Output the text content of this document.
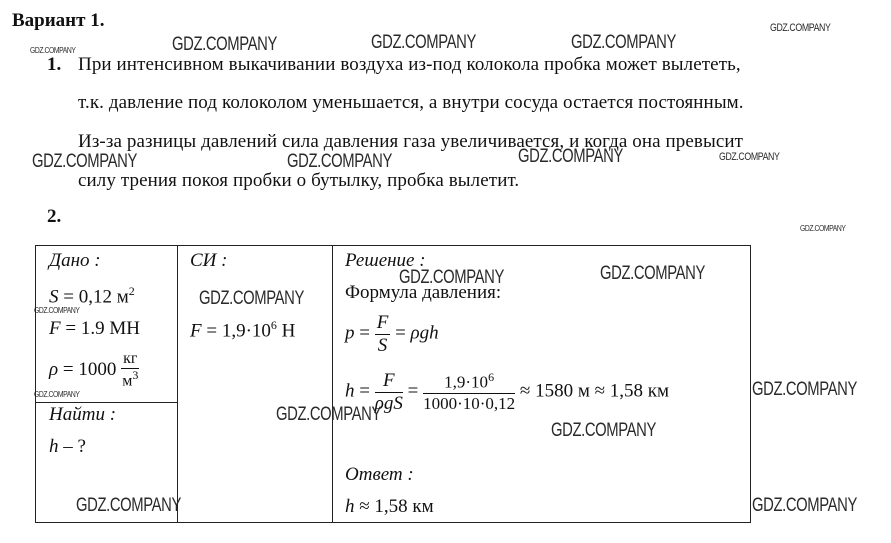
Вариант 1.
1. При интенсивном выкачивании воздуха из-под колокола пробка может вылететь,
т.к. давление под колоколом уменьшается, а внутри сосуда остается постоянным.
Из-за разницы давлений сила давления газа увеличивается, и когда она превысит
силу трения покоя пробки о бутылку, пробка вылетит.
2.
Дано :
S = 0,12 $м^2$
F = 1.9 МН
$\rho = 1000 \frac{кг}{м^3}$
Найти :
h – ?
СИ :
$F = 1,9\cdot 10^6$ Н
Решение :
Формула давления:
$p = \frac{F}{S} = \rho gh$
$h = \frac{F}{\text{ρgS}} = \frac{1,9\cdot 10^6}{1000\cdot 10\cdot 0,12} \approx 1580$ м ≈ 1,58 км
Ответ :
h ≈ 1,58 км
GDZ.COMPANY
GDZ.COMPANY
GDZ.COMPANY	GDZ.COMPANY	GDZ.COMPANY
GDZ.COMPANY	GDZ.COMPANY	GDZ.COMPANY	GDZ.COMPANY
GDZ.COMPANY
GDZ.COMPANY	GDZ.COMPANY
GDZ.COMPANY
GDZ.COMPANY
GDZ.COMPANY	GDZ.COMPANY
GDZ.COMPANY
GDZ.COMPANY
GDZ.COMPANY	GDZ.COMPANY
